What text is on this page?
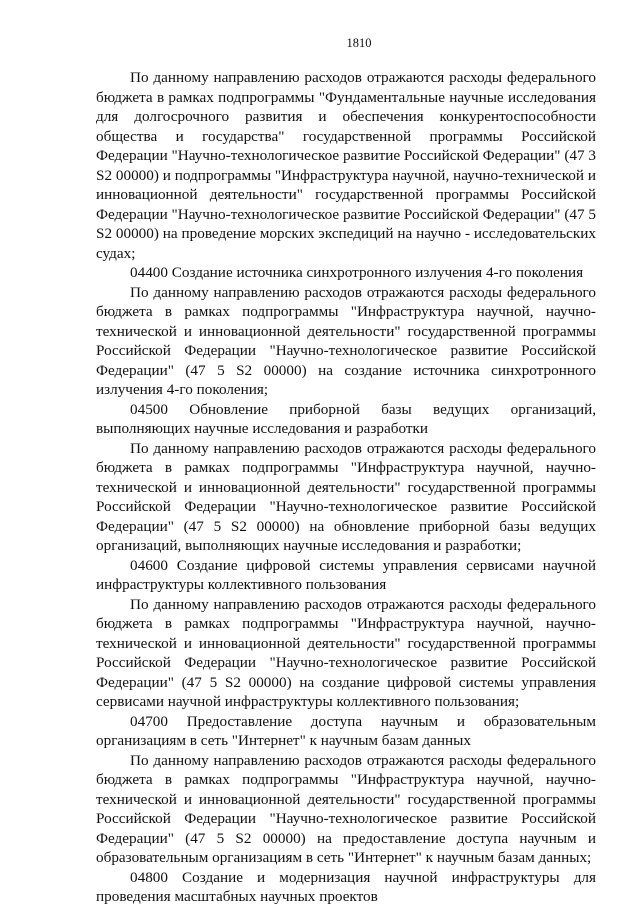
1810

По данному направлению расходов отражаются расходы федерального бюджета в рамках подпрограммы "Фундаментальные научные исследования для долгосрочного развития и обеспечения конкурентоспособности общества и государства" государственной программы Российской Федерации "Научно-технологическое развитие Российской Федерации" (47 3 S2 00000) и подпрограммы "Инфраструктура научной, научно-технической и инновационной деятельности" государственной программы Российской Федерации "Научно-технологическое развитие Российской Федерации" (47 5 S2 00000) на проведение морских экспедиций на научно - исследовательских судах;

04400 Создание источника синхротронного излучения 4-го поколения

По данному направлению расходов отражаются расходы федерального бюджета в рамках подпрограммы "Инфраструктура научной, научно-технической и инновационной деятельности" государственной программы Российской Федерации "Научно-технологическое развитие Российской Федерации" (47 5 S2 00000) на создание источника синхротронного излучения 4-го поколения;

04500 Обновление приборной базы ведущих организаций, выполняющих научные исследования и разработки

По данному направлению расходов отражаются расходы федерального бюджета в рамках подпрограммы "Инфраструктура научной, научно-технической и инновационной деятельности" государственной программы Российской Федерации "Научно-технологическое развитие Российской Федерации" (47 5 S2 00000) на обновление приборной базы ведущих организаций, выполняющих научные исследования и разработки;

04600 Создание цифровой системы управления сервисами научной инфраструктуры коллективного пользования

По данному направлению расходов отражаются расходы федерального бюджета в рамках подпрограммы "Инфраструктура научной, научно-технической и инновационной деятельности" государственной программы Российской Федерации "Научно-технологическое развитие Российской Федерации" (47 5 S2 00000) на создание цифровой системы управления сервисами научной инфраструктуры коллективного пользования;

04700 Предоставление доступа научным и образовательным организациям в сеть "Интернет" к научным базам данных

По данному направлению расходов отражаются расходы федерального бюджета в рамках подпрограммы "Инфраструктура научной, научно-технической и инновационной деятельности" государственной программы Российской Федерации "Научно-технологическое развитие Российской Федерации" (47 5 S2 00000) на предоставление доступа научным и образовательным организациям в сеть "Интернет" к научным базам данных;

04800 Создание и модернизация научной инфраструктуры для проведения масштабных научных проектов
